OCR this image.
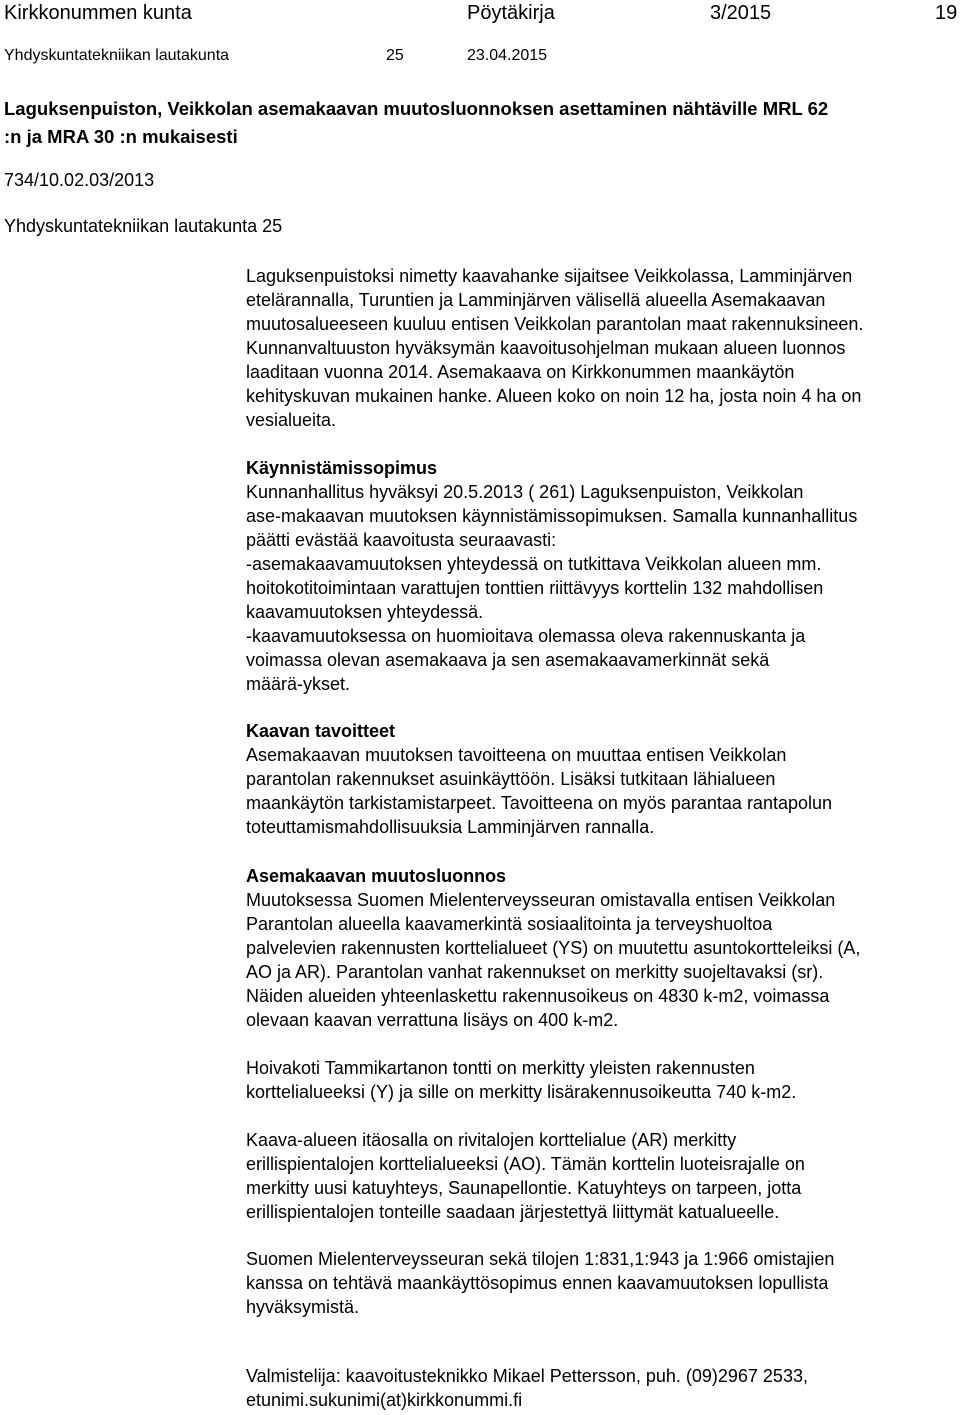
Kirkkonummen kunta	Pöytäkirja	3/2015	19
Yhdyskuntatekniikan lautakunta	25	23.04.2015
Laguksenpuiston, Veikkolan asemakaavan muutosluonnoksen asettaminen nähtäville MRL 62
:n ja MRA 30 :n mukaisesti
734/10.02.03/2013
Yhdyskuntatekniikan lautakunta 25

Laguksenpuistoksi nimetty kaavahanke sijaitsee Veikkolassa, Lamminjärven

etelärannalla, Turuntien ja Lamminjärven välisellä alueella Asemakaavan

muutosalueeseen kuuluu entisen Veikkolan parantolan maat rakennuksineen.

Kunnanvaltuuston hyväksymän kaavoitusohjelman mukaan alueen luonnos

laaditaan vuonna 2014. Asemakaava on Kirkkonummen maankäytön

kehityskuvan mukainen hanke. Alueen koko on noin 12 ha, josta noin 4 ha on

vesialueita.

Käynnistämissopimus

Kunnanhallitus hyväksyi 20.5.2013 ( 261) Laguksenpuiston, Veikkolan

ase-makaavan muutoksen käynnistämissopimuksen. Samalla kunnanhallitus

päätti evästää kaavoitusta seuraavasti:

-asemakaavamuutoksen yhteydessä on tutkittava Veikkolan alueen mm.

hoitokotitoimintaan varattujen tonttien riittävyys korttelin 132 mahdollisen

kaavamuutoksen yhteydessä.

-kaavamuutoksessa on huomioitava olemassa oleva rakennuskanta ja

voimassa olevan asemakaava ja sen asemakaavamerkinnät sekä

määrä-ykset.

Kaavan tavoitteet

Asemakaavan muutoksen tavoitteena on muuttaa entisen Veikkolan

parantolan rakennukset asuinkäyttöön. Lisäksi tutkitaan lähialueen

maankäytön tarkistamistarpeet. Tavoitteena on myös parantaa rantapolun

toteuttamismahdollisuuksia Lamminjärven rannalla.

Asemakaavan muutosluonnos

Muutoksessa Suomen Mielenterveysseuran omistavalla entisen Veikkolan

Parantolan alueella kaavamerkintä sosiaalitointa ja terveyshuoltoa

palvelevien rakennusten korttelialueet (YS) on muutettu asuntokortteleiksi (A,

AO ja AR). Parantolan vanhat rakennukset on merkitty suojeltavaksi (sr).

Näiden alueiden yhteenlaskettu rakennusoikeus on 4830 k-m2, voimassa

olevaan kaavan verrattuna lisäys on 400 k-m2.

Hoivakoti Tammikartanon tontti on merkitty yleisten rakennusten

korttelialueeksi (Y) ja sille on merkitty lisärakennusoikeutta 740 k-m2.

Kaava-alueen itäosalla on rivitalojen korttelialue (AR) merkitty

erillispientalojen korttelialueeksi (AO). Tämän korttelin luoteisrajalle on

merkitty uusi katuyhteys, Saunapellontie. Katuyhteys on tarpeen, jotta

erillispientalojen tonteille saadaan järjestettyä liittymät katualueelle.

Suomen Mielenterveysseuran sekä tilojen 1:831,1:943 ja 1:966 omistajien

kanssa on tehtävä maankäyttösopimus ennen kaavamuutoksen lopullista

hyväksymistä.

Valmistelija: kaavoitusteknikko Mikael Pettersson, puh. (09)2967 2533,

etunimi.sukunimi(at)kirkkonummi.fi
